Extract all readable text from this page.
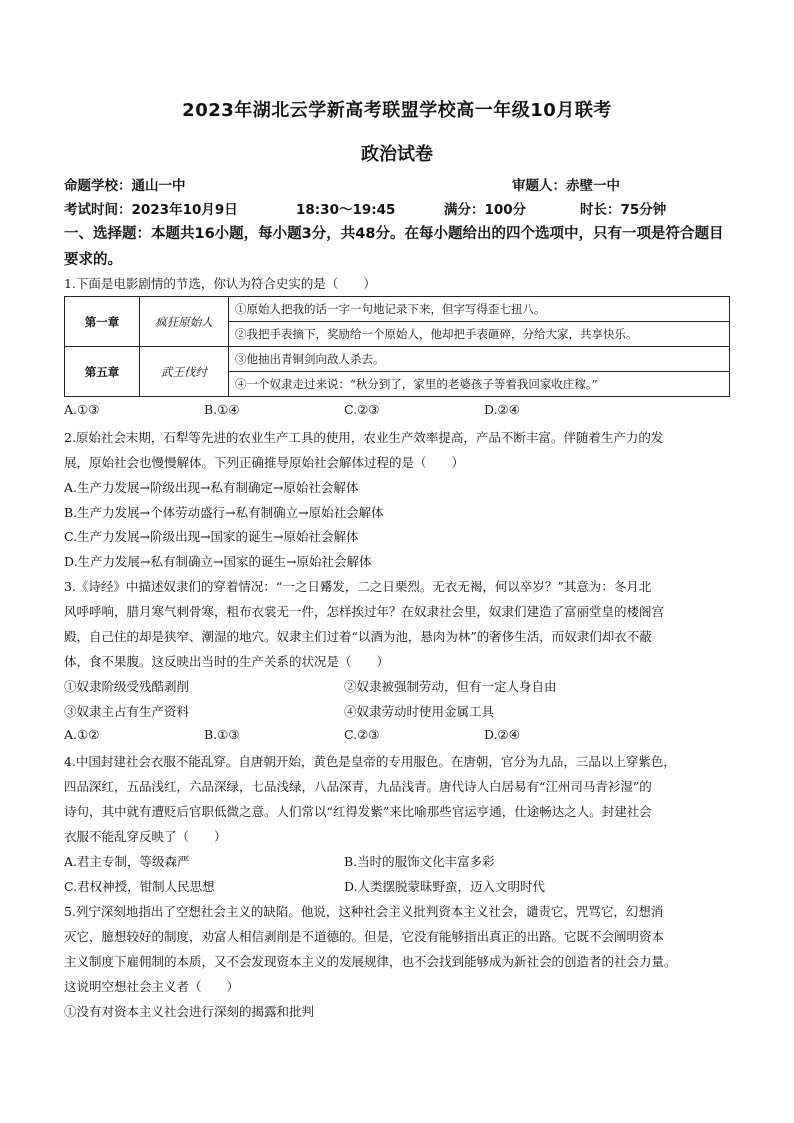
2023年湖北云学新高考联盟学校高一年级10月联考
政治试卷
命题学校：通山一中	审题人：赤壁一中
考试时间：2023年10月9日	18:30～19:45	满分：100分	时长：75分钟
一、选择题：本题共16小题，每小题3分，共48分。在每小题给出的四个选项中，只有一项是符合题目要求的。
1.下面是电影剧情的节选，你认为符合史实的是（　　）
第一章	疯狂原始人	①原始人把我的话一字一句地记录下来，但字写得歪七扭八。
		②我把手表摘下，奖励给一个原始人，他却把手表砸碎，分给大家，共享快乐。
第五章	武王伐纣	③他抽出青铜剑向敌人杀去。
		④一个奴隶走过来说：“秋分到了，家里的老婆孩子等着我回家收庄稼。”
A.①③	B.①④	C.②③	D.②④
2.原始社会末期，石犁等先进的农业生产工具的使用，农业生产效率提高，产品不断丰富。伴随着生产力的发
展，原始社会也慢慢解体。下列正确推导原始社会解体过程的是（　　）
A.生产力发展→阶级出现→私有制确定→原始社会解体
B.生产力发展→个体劳动盛行→私有制确立→原始社会解体
C.生产力发展→阶级出现→国家的诞生→原始社会解体
D.生产力发展→私有制确立→国家的诞生→原始社会解体
3.《诗经》中描述奴隶们的穿着情况：“一之日觱发，二之日栗烈。无衣无褐，何以卒岁？”其意为：冬月北
风呼呼响，腊月寒气刺骨寒，粗布衣裳无一件，怎样挨过年？在奴隶社会里，奴隶们建造了富丽堂皇的楼阁宫
殿，自己住的却是狭窄、潮湿的地穴。奴隶主们过着“以酒为池，悬肉为林”的奢侈生活，而奴隶们却衣不蔽
体，食不果腹。这反映出当时的生产关系的状况是（　　）
①奴隶阶级受残酷剥削	②奴隶被强制劳动，但有一定人身自由
③奴隶主占有生产资料	④奴隶劳动时使用金属工具
A.①②	B.①③	C.②③	D.②④
4.中国封建社会衣服不能乱穿。自唐朝开始，黄色是皇帝的专用服色。在唐朝，官分为九品，三品以上穿紫色，
四品深红，五品浅红，六品深绿，七品浅绿，八品深青，九品浅青。唐代诗人白居易有“江州司马青衫湿”的
诗句，其中就有遭贬后官职低微之意。人们常以“红得发紫”来比喻那些官运亨通，仕途畅达之人。封建社会
衣服不能乱穿反映了（　　）
A.君主专制，等级森严	B.当时的服饰文化丰富多彩
C.君权神授，钳制人民思想	D.人类摆脱蒙昧野蛮，迈入文明时代
5.列宁深刻地指出了空想社会主义的缺陷。他说，这种社会主义批判资本主义社会，谴责它、咒骂它，幻想消
灭它，臆想较好的制度，劝富人相信剥削是不道德的。但是，它没有能够指出真正的出路。它既不会阐明资本
主义制度下雇佣制的本质，又不会发现资本主义的发展规律，也不会找到能够成为新社会的创造者的社会力量。
这说明空想社会主义者（　　）
①没有对资本主义社会进行深刻的揭露和批判
